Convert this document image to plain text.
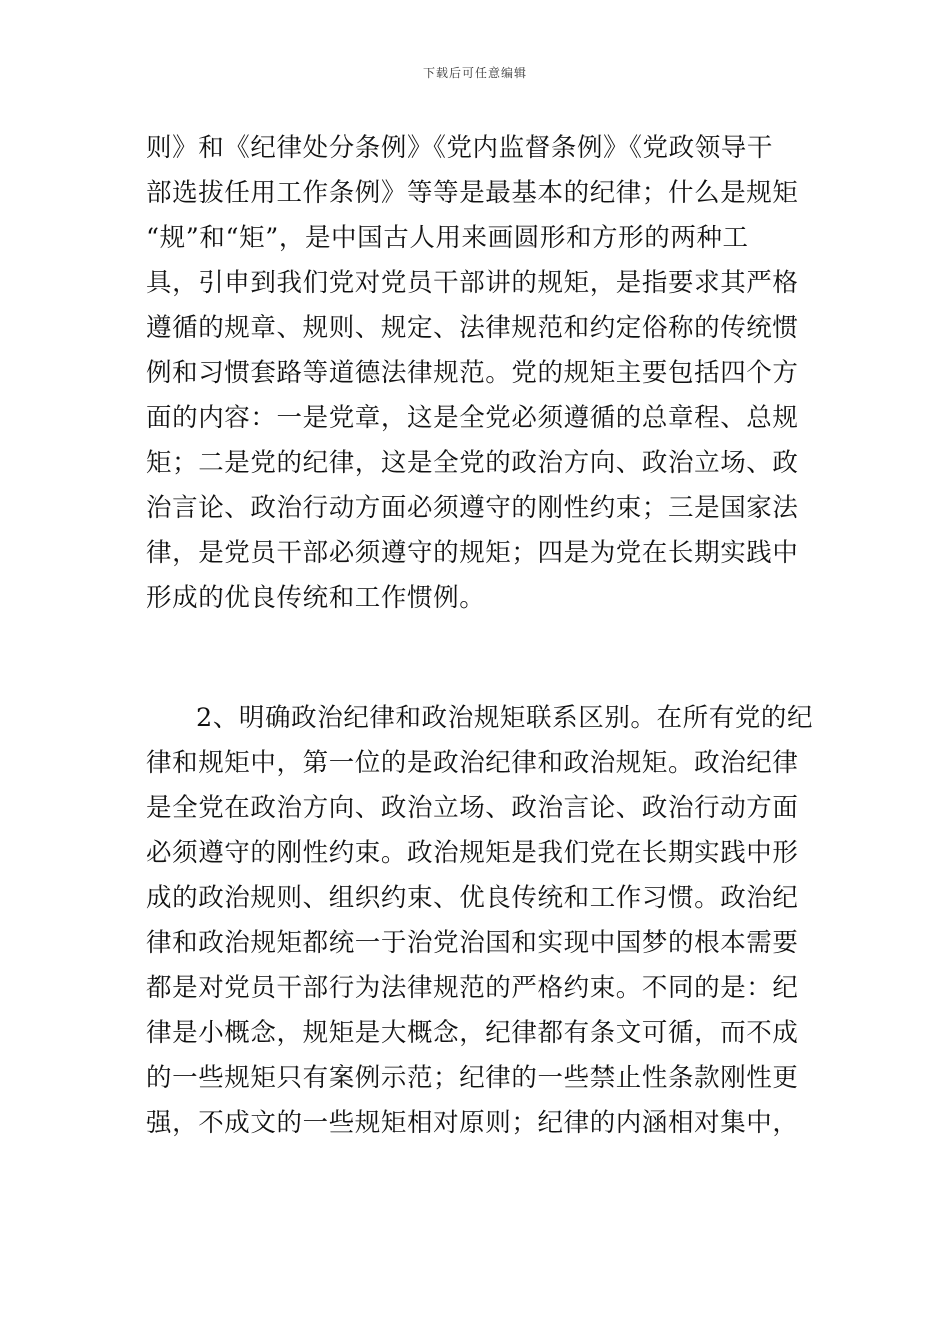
下载后可任意编辑
则》和《纪律处分条例》《党内监督条例》《党政领导干
部选拔任用工作条例》等等是最基本的纪律；什么是规矩
“规”和“矩”，是中国古人用来画圆形和方形的两种工
具，引申到我们党对党员干部讲的规矩，是指要求其严格
遵循的规章、规则、规定、法律规范和约定俗称的传统惯
例和习惯套路等道德法律规范。党的规矩主要包括四个方
面的内容：一是党章，这是全党必须遵循的总章程、总规
矩；二是党的纪律，这是全党的政治方向、政治立场、政
治言论、政治行动方面必须遵守的刚性约束；三是国家法
律，是党员干部必须遵守的规矩；四是为党在长期实践中
形成的优良传统和工作惯例。
2、明确政治纪律和政治规矩联系区别。在所有党的纪
律和规矩中，第一位的是政治纪律和政治规矩。政治纪律
是全党在政治方向、政治立场、政治言论、政治行动方面
必须遵守的刚性约束。政治规矩是我们党在长期实践中形
成的政治规则、组织约束、优良传统和工作习惯。政治纪
律和政治规矩都统一于治党治国和实现中国梦的根本需要
都是对党员干部行为法律规范的严格约束。不同的是：纪
律是小概念，规矩是大概念，纪律都有条文可循，而不成
的一些规矩只有案例示范；纪律的一些禁止性条款刚性更
强，不成文的一些规矩相对原则；纪律的内涵相对集中，
